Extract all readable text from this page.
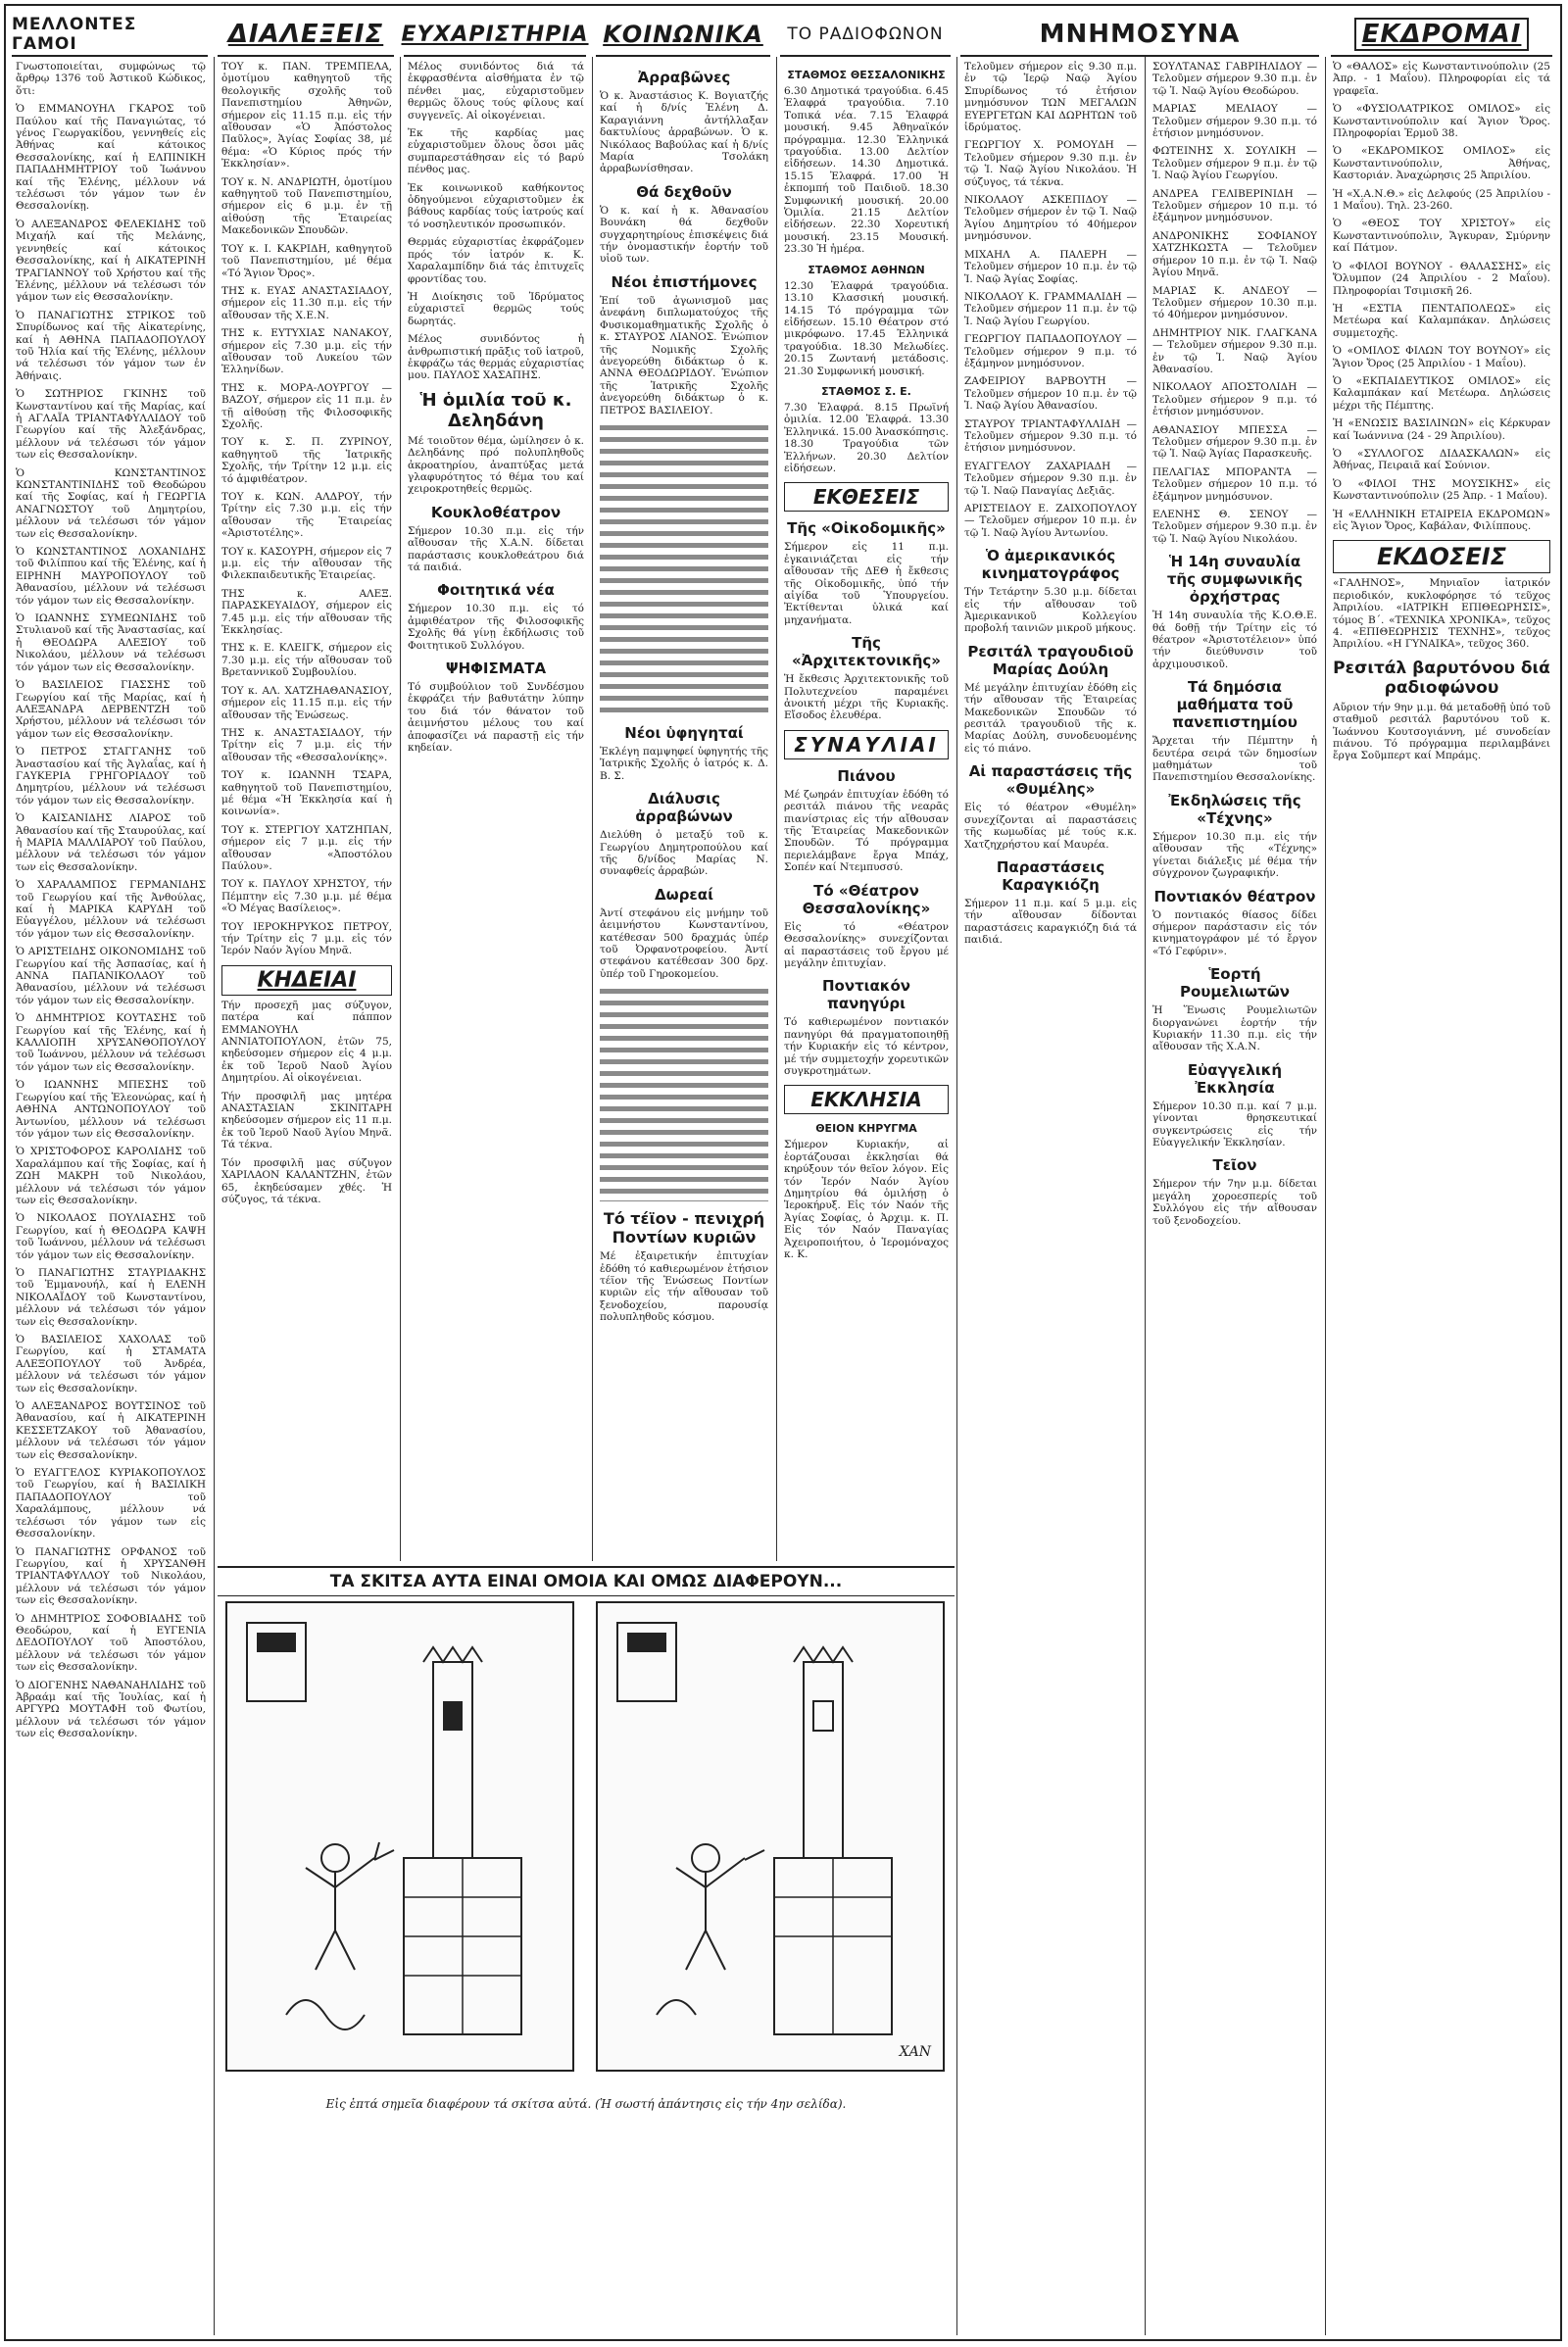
ΜΕΛΛΟΝΤΕΣ ΓΑΜΟΙ

Γνωστοποιείται, συμφώνως τῷ ἄρθρῳ 1376 τοῦ Ἀστικοῦ Κώδικος, ὅτι:

Ὁ ΕΜΜΑΝΟΥΗΛ ΓΚΑΡΟΣ τοῦ Παύλου καί τῆς Παναγιώτας, τό γένος Γεωργακίδου, γεννηθείς εἰς Ἀθήνας καί κάτοικος Θεσσαλονίκης, καί ἡ ΕΛΠΙΝΙΚΗ ΠΑΠΑΔΗΜΗΤΡΙΟΥ τοῦ Ἰωάννου καί τῆς Ἑλένης, μέλλουν νά τελέσωσι τόν γάμον των ἐν Θεσσαλονίκῃ.

Ὁ ΑΛΕΞΑΝΔΡΟΣ ΦΕΛΕΚΙΔΗΣ τοῦ Μιχαήλ καί τῆς Μελάνης, γεννηθείς καί κάτοικος Θεσσαλονίκης, καί ἡ ΑΙΚΑΤΕΡΙΝΗ ΤΡΑΓΙΑΝΝΟΥ τοῦ Χρήστου καί τῆς Ἑλένης, μέλλουν νά τελέσωσι τόν γάμον των εἰς Θεσσαλονίκην.

Ὁ ΠΑΝΑΓΙΩΤΗΣ ΣΤΡΙΚΟΣ τοῦ Σπυρίδωνος καί τῆς Αἰκατερίνης, καί ἡ ΑΘΗΝΑ ΠΑΠΑΔΟΠΟΥΛΟΥ τοῦ Ἠλία καί τῆς Ἑλένης, μέλλουν νά τελέσωσι τόν γάμον των ἐν Ἀθήναις.

Ὁ ΣΩΤΗΡΙΟΣ ΓΚΙΝΗΣ τοῦ Κωνσταντίνου καί τῆς Μαρίας, καί ἡ ΑΓΛΑΪΑ ΤΡΙΑΝΤΑΦΥΛΛΙΔΟΥ τοῦ Γεωργίου καί τῆς Ἀλεξάνδρας, μέλλουν νά τελέσωσι τόν γάμον των εἰς Θεσσαλονίκην.

Ὁ ΚΩΝΣΤΑΝΤΙΝΟΣ ΚΩΝΣΤΑΝΤΙΝΙΔΗΣ τοῦ Θεοδώρου καί τῆς Σοφίας, καί ἡ ΓΕΩΡΓΙΑ ΑΝΑΓΝΩΣΤΟΥ τοῦ Δημητρίου, μέλλουν νά τελέσωσι τόν γάμον των εἰς Θεσσαλονίκην.

Ὁ ΚΩΝΣΤΑΝΤΙΝΟΣ ΛΟΧΑΝΙΔΗΣ τοῦ Φιλίππου καί τῆς Ἑλένης, καί ἡ ΕΙΡΗΝΗ ΜΑΥΡΟΠΟΥΛΟΥ τοῦ Ἀθανασίου, μέλλουν νά τελέσωσι τόν γάμον των εἰς Θεσσαλονίκην.

Ὁ ΙΩΑΝΝΗΣ ΣΥΜΕΩΝΙΔΗΣ τοῦ Στυλιανοῦ καί τῆς Ἀναστασίας, καί ἡ ΘΕΟΔΩΡΑ ΑΛΕΞΙΟΥ τοῦ Νικολάου, μέλλουν νά τελέσωσι τόν γάμον των εἰς Θεσσαλονίκην.

Ὁ ΒΑΣΙΛΕΙΟΣ ΓΙΑΣΣΗΣ τοῦ Γεωργίου καί τῆς Μαρίας, καί ἡ ΑΛΕΞΑΝΔΡΑ ΔΕΡΒΕΝΤΖΗ τοῦ Χρήστου, μέλλουν νά τελέσωσι τόν γάμον των εἰς Θεσσαλονίκην.

Ὁ ΠΕΤΡΟΣ ΣΤΑΓΓΑΝΗΣ τοῦ Ἀναστασίου καί τῆς Ἀγλαΐας, καί ἡ ΓΑΥΚΕΡΙΑ ΓΡΗΓΟΡΙΑΔΟΥ τοῦ Δημητρίου, μέλλουν νά τελέσωσι τόν γάμον των εἰς Θεσσαλονίκην.

Ὁ ΚΑΙΣΑΝΙΔΗΣ ΛΙΑΡΟΣ τοῦ Ἀθανασίου καί τῆς Σταυρούλας, καί ἡ ΜΑΡΙΑ ΜΑΛΛΙΑΡΟΥ τοῦ Παύλου, μέλλουν νά τελέσωσι τόν γάμον των εἰς Θεσσαλονίκην.

Ὁ ΧΑΡΑΛΑΜΠΟΣ ΓΕΡΜΑΝΙΔΗΣ τοῦ Γεωργίου καί τῆς Ἀνθούλας, καί ἡ ΜΑΡΙΚΑ ΚΑΡΥΔΗ τοῦ Εὐαγγέλου, μέλλουν νά τελέσωσι τόν γάμον των εἰς Θεσσαλονίκην.

Ὁ ΑΡΙΣΤΕΙΔΗΣ ΟΙΚΟΝΟΜΙΔΗΣ τοῦ Γεωργίου καί τῆς Ἀσπασίας, καί ἡ ΑΝΝΑ ΠΑΠΑΝΙΚΟΛΑΟΥ τοῦ Ἀθανασίου, μέλλουν νά τελέσωσι τόν γάμον των εἰς Θεσσαλονίκην.

Ὁ ΔΗΜΗΤΡΙΟΣ ΚΟΥΤΑΣΗΣ τοῦ Γεωργίου καί τῆς Ἐλένης, καί ἡ ΚΑΛΛΙΟΠΗ ΧΡΥΣΑΝΘΟΠΟΥΛΟΥ τοῦ Ἰωάννου, μέλλουν νά τελέσωσι τόν γάμον των εἰς Θεσσαλονίκην.

Ὁ ΙΩΑΝΝΗΣ ΜΠΕΣΗΣ τοῦ Γεωργίου καί τῆς Ἐλεονώρας, καί ἡ ΑΘΗΝΑ ΑΝΤΩΝΟΠΟΥΛΟΥ τοῦ Ἀντωνίου, μέλλουν νά τελέσωσι τόν γάμον των εἰς Θεσσαλονίκην.

Ὁ ΧΡΙΣΤΟΦΟΡΟΣ ΚΑΡΟΛΙΔΗΣ τοῦ Χαραλάμπου καί τῆς Σοφίας, καί ἡ ΖΩΗ ΜΑΚΡΗ τοῦ Νικολάου, μέλλουν νά τελέσωσι τόν γάμον των εἰς Θεσσαλονίκην.

Ὁ ΝΙΚΟΛΑΟΣ ΠΟΥΛΙΑΣΗΣ τοῦ Γεωργίου, καί ἡ ΘΕΟΔΩΡΑ ΚΑΨΗ τοῦ Ἰωάννου, μέλλουν νά τελέσωσι τόν γάμον των εἰς Θεσσαλονίκην.

Ὁ ΠΑΝΑΓΙΩΤΗΣ ΣΤΑΥΡΙΔΑΚΗΣ τοῦ Ἐμμανουήλ, καί ἡ ΕΛΕΝΗ ΝΙΚΟΛΑΪΔΟΥ τοῦ Κωνσταντίνου, μέλλουν νά τελέσωσι τόν γάμον των εἰς Θεσσαλονίκην.

Ὁ ΒΑΣΙΛΕΙΟΣ ΧΑΧΟΛΑΣ τοῦ Γεωργίου, καί ἡ ΣΤΑΜΑΤΑ ΑΛΕΞΟΠΟΥΛΟΥ τοῦ Ἀνδρέα, μέλλουν νά τελέσωσι τόν γάμον των εἰς Θεσσαλονίκην.

Ὁ ΑΛΕΞΑΝΔΡΟΣ ΒΟΥΤΣΙΝΟΣ τοῦ Ἀθανασίου, καί ἡ ΑΙΚΑΤΕΡΙΝΗ ΚΕΣΣΕΤΖΑΚΟΥ τοῦ Ἀθανασίου, μέλλουν νά τελέσωσι τόν γάμον των εἰς Θεσσαλονίκην.

Ὁ ΕΥΑΓΓΕΛΟΣ ΚΥΡΙΑΚΟΠΟΥΛΟΣ τοῦ Γεωργίου, καί ἡ ΒΑΣΙΛΙΚΗ ΠΑΠΑΔΟΠΟΥΛΟΥ τοῦ Χαραλάμπους, μέλλουν νά τελέσωσι τόν γάμον των εἰς Θεσσαλονίκην.

Ὁ ΠΑΝΑΓΙΩΤΗΣ ΟΡΦΑΝΟΣ τοῦ Γεωργίου, καί ἡ ΧΡΥΣΑΝΘΗ ΤΡΙΑΝΤΑΦΥΛΛΟΥ τοῦ Νικολάου, μέλλουν νά τελέσωσι τόν γάμον των εἰς Θεσσαλονίκην.

Ὁ ΔΗΜΗΤΡΙΟΣ ΣΟΦΟΒΙΑΔΗΣ τοῦ Θεοδώρου, καί ἡ ΕΥΓΕΝΙΑ ΔΕΔΟΠΟΥΛΟΥ τοῦ Ἀποστόλου, μέλλουν νά τελέσωσι τόν γάμον των εἰς Θεσσαλονίκην.

Ὁ ΔΙΟΓΕΝΗΣ ΝΑΘΑΝΑΗΛΙΔΗΣ τοῦ Ἀβραάμ καί τῆς Ἰουλίας, καί ἡ ΑΡΓΥΡΩ ΜΟΥΤΑΦΗ τοῦ Φωτίου, μέλλουν νά τελέσωσι τόν γάμον των εἰς Θεσσαλονίκην.

ΔΙΑΛΕΞΕΙΣ

ΤΟΥ κ. ΠΑΝ. ΤΡΕΜΠΕΛΑ, ὁμοτίμου καθηγητοῦ τῆς θεολογικῆς σχολῆς τοῦ Πανεπιστημίου Ἀθηνῶν, σήμερον εἰς 11.15 π.μ. εἰς τήν αἴθουσαν «Ὁ Ἀπόστολος Παῦλος», Ἁγίας Σοφίας 38, μέ θέμα: «Ὁ Κύριος πρός τήν Ἐκκλησίαν».

ΤΟΥ κ. Ν. ΑΝΔΡΙΩΤΗ, ὁμοτίμου καθηγητοῦ τοῦ Πανεπιστημίου, σήμερον εἰς 6 μ.μ. ἐν τῇ αἰθούσῃ τῆς Ἑταιρείας Μακεδονικῶν Σπουδῶν.

ΤΟΥ κ. Ι. ΚΑΚΡΙΔΗ, καθηγητοῦ τοῦ Πανεπιστημίου, μέ θέμα «Τό Ἅγιον Ὄρος».

ΤΗΣ κ. ΕΥΑΣ ΑΝΑΣΤΑΣΙΑΔΟΥ, σήμερον εἰς 11.30 π.μ. εἰς τήν αἴθουσαν τῆς Χ.Ε.Ν.

ΤΗΣ κ. ΕΥΤΥΧΙΑΣ ΝΑΝΑΚΟΥ, σήμερον εἰς 7.30 μ.μ. εἰς τήν αἴθουσαν τοῦ Λυκείου τῶν Ἑλληνίδων.

ΤΗΣ κ. ΜΟΡΑ-ΛΟΥΡΓΟΥ — ΒΑΖΟΥ, σήμερον εἰς 11 π.μ. ἐν τῇ αἰθούσῃ τῆς Φιλοσοφικῆς Σχολῆς.

ΤΟΥ κ. Σ. Π. ΖΥΡΙΝΟΥ, καθηγητοῦ τῆς Ἰατρικῆς Σχολῆς, τήν Τρίτην 12 μ.μ. εἰς τό ἀμφιθέατρον.

ΤΟΥ κ. ΚΩΝ. ΑΛΔΡΟΥ, τήν Τρίτην εἰς 7.30 μ.μ. εἰς τήν αἴθουσαν τῆς Ἑταιρείας «Ἀριστοτέλης».

ΤΟΥ κ. ΚΑΣΟΥΡΗ, σήμερον εἰς 7 μ.μ. εἰς τήν αἴθουσαν τῆς Φιλεκπαιδευτικῆς Ἑταιρείας.

ΤΗΣ κ. ΑΛΕΞ. ΠΑΡΑΣΚΕΥΑΙΔΟΥ, σήμερον εἰς 7.45 μ.μ. εἰς τήν αἴθουσαν τῆς Ἐκκλησίας.

ΤΗΣ κ. Ε. ΚΛΕΙΓΚ, σήμερον εἰς 7.30 μ.μ. εἰς τήν αἴθουσαν τοῦ Βρεταννικοῦ Συμβουλίου.

ΤΟΥ κ. ΑΛ. ΧΑΤΖΗΑΘΑΝΑΣΙΟΥ, σήμερον εἰς 11.15 π.μ. εἰς τήν αἴθουσαν τῆς Ἑνώσεως.

ΤΗΣ κ. ΑΝΑΣΤΑΣΙΑΔΟΥ, τήν Τρίτην εἰς 7 μ.μ. εἰς τήν αἴθουσαν τῆς «Θεσσαλονίκης».

ΤΟΥ κ. ΙΩΑΝΝΗ ΤΣΑΡΑ, καθηγητοῦ τοῦ Πανεπιστημίου, μέ θέμα «Ἡ Ἐκκλησία καί ἡ κοινωνία».

ΤΟΥ κ. ΣΤΕΡΓΙΟΥ ΧΑΤΖΗΠΑΝ, σήμερον εἰς 7 μ.μ. εἰς τήν αἴθουσαν «Ἀποστόλου Παύλου».

ΤΟΥ κ. ΠΑΥΛΟΥ ΧΡΗΣΤΟΥ, τήν Πέμπτην εἰς 7.30 μ.μ. μέ θέμα «Ὁ Μέγας Βασίλειος».

ΤΟΥ ΙΕΡΟΚΗΡΥΚΟΣ ΠΕΤΡΟΥ, τήν Τρίτην εἰς 7 μ.μ. εἰς τόν Ἱερόν Ναόν Ἁγίου Μηνᾶ.

ΚΗΔΕΙΑΙ

Τήν προσεχῆ μας σύζυγον, πατέρα καί πάππον ΕΜΜΑΝΟΥΗΛ ΑΝΝΙΑΤΟΠΟΥΛΟΝ, ἐτῶν 75, κηδεύσομεν σήμερον εἰς 4 μ.μ. ἐκ τοῦ Ἱεροῦ Ναοῦ Ἁγίου Δημητρίου. Αἱ οἰκογένειαι.

Τήν προσφιλῆ μας μητέρα ΑΝΑΣΤΑΣΙΑΝ ΣΚΙΝΙΤΑΡΗ κηδεύσομεν σήμερον εἰς 11 π.μ. ἐκ τοῦ Ἱεροῦ Ναοῦ Ἁγίου Μηνᾶ. Τά τέκνα.

Τόν προσφιλῆ μας σύζυγον ΧΑΡΙΛΑΟΝ ΚΑΛΑΝΤΖΗΝ, ἐτῶν 65, ἐκηδεύσαμεν χθές. Ἡ σύζυγος, τά τέκνα.

ΕΥΧΑΡΙΣΤΗΡΙΑ

Μέλος συνιδόντος διά τά ἐκφρασθέντα αἰσθήματα ἐν τῷ πένθει μας, εὐχαριστοῦμεν θερμῶς ὅλους τούς φίλους καί συγγενεῖς. Αἱ οἰκογένειαι.

Ἐκ τῆς καρδίας μας εὐχαριστοῦμεν ὅλους ὅσοι μᾶς συμπαρεστάθησαν εἰς τό βαρύ πένθος μας.

Ἐκ κοινωνικοῦ καθήκοντος ὁδηγούμενοι εὐχαριστοῦμεν ἐκ βάθους καρδίας τούς ἰατρούς καί τό νοσηλευτικόν προσωπικόν.

Θερμάς εὐχαριστίας ἐκφράζομεν πρός τόν ἰατρόν κ. Κ. Χαραλαμπίδην διά τάς ἐπιτυχεῖς φροντίδας του.

Ἡ Διοίκησις τοῦ Ἰδρύματος εὐχαριστεῖ θερμῶς τούς δωρητάς.

Μέλος συνιδόντος ἡ ἀνθρωπιστική πρᾶξις τοῦ ἰατροῦ, ἐκφράζω τάς θερμάς εὐχαριστίας μου. ΠΑΥΛΟΣ ΧΑΣΑΠΗΣ.

Ἡ ὁμιλία τοῦ κ. Δεληδάνη

Μέ τοιοῦτον θέμα, ὡμίλησεν ὁ κ. Δεληδάνης πρό πολυπληθοῦς ἀκροατηρίου, ἀναπτύξας μετά γλαφυρότητος τό θέμα του καί χειροκροτηθείς θερμῶς.

Κουκλοθέατρον

Σήμερον 10.30 π.μ. εἰς τήν αἴθουσαν τῆς Χ.Α.Ν. δίδεται παράστασις κουκλοθεάτρου διά τά παιδιά.

Φοιτητικά νέα

Σήμερον 10.30 π.μ. εἰς τό ἀμφιθέατρον τῆς Φιλοσοφικῆς Σχολῆς θά γίνῃ ἐκδήλωσις τοῦ Φοιτητικοῦ Συλλόγου.

ΨΗΦΙΣΜΑΤΑ

Τό συμβούλιον τοῦ Συνδέσμου ἐκφράζει τήν βαθυτάτην λύπην του διά τόν θάνατον τοῦ ἀειμνήστου μέλους του καί ἀποφασίζει νά παραστῇ εἰς τήν κηδείαν.

ΚΟΙΝΩΝΙΚΑ
Ἀρραβῶνες

Ὁ κ. Ἀναστάσιος Κ. Βογιατζής καί ἡ δ/νίς Ἑλένη Δ. Καραγιάννη ἀντήλλαξαν δακτυλίους ἀρραβώνων. Ὁ κ. Νικόλαος Βαβούλας καί ἡ δ/νίς Μαρία Τσολάκη ἀρραβωνίσθησαν.

Θά δεχθοῦν

Ὁ κ. καί ἡ κ. Ἀθανασίου Βουνάκη θά δεχθοῦν συγχαρητηρίους ἐπισκέψεις διά τήν ὀνομαστικήν ἑορτήν τοῦ υἱοῦ των.

Νέοι ἐπιστήμονες

Ἐπί τοῦ ἀγωνισμοῦ μας ἀνεφάνη διπλωματούχος τῆς Φυσικομαθηματικῆς Σχολῆς ὁ κ. ΣΤΑΥΡΟΣ ΛΙΑΝΟΣ. Ἐνώπιον τῆς Νομικῆς Σχολῆς ἀνεγορεύθη διδάκτωρ ὁ κ. ΑΝΝΑ ΘΕΟΔΩΡΙΔΟΥ. Ἐνώπιον τῆς Ἰατρικῆς Σχολῆς ἀνεγορεύθη διδάκτωρ ὁ κ. ΠΕΤΡΟΣ ΒΑΣΙΛΕΙΟΥ.

Νέοι ὑφηγηταί

Ἐκλέγη παμψηφεί ὑφηγητής τῆς Ἰατρικῆς Σχολῆς ὁ ἰατρός κ. Δ. Β. Σ.

Διάλυσις ἀρραβώνων

Διελύθη ὁ μεταξύ τοῦ κ. Γεωργίου Δημητροπούλου καί τῆς δ/νίδος Μαρίας Ν. συναφθείς ἀρραβών.

Δωρεαί

Ἀντί στεφάνου εἰς μνήμην τοῦ ἀειμνήστου Κωνσταντίνου, κατέθεσαν 500 δραχμάς ὑπέρ τοῦ Ὀρφανοτροφείου. Ἀντί στεφάνου κατέθεσαν 300 δρχ. ὑπέρ τοῦ Γηροκομείου.

Τό τέϊον - πενιχρή Ποντίων κυριῶν

Μέ ἐξαιρετικήν ἐπιτυχίαν ἐδόθη τό καθιερωμένον ἐτήσιον τέϊον τῆς Ἑνώσεως Ποντίων κυριῶν εἰς τήν αἴθουσαν τοῦ ξενοδοχείου, παρουσίᾳ πολυπληθοῦς κόσμου.

ΤΟ ΡΑΔΙΟΦΩΝΟΝ
ΣΤΑΘΜΟΣ ΘΕΣΣΑΛΟΝΙΚΗΣ

6.30 Δημοτικά τραγούδια. 6.45 Ἐλαφρά τραγούδια. 7.10 Τοπικά νέα. 7.15 Ἐλαφρά μουσική. 9.45 Ἀθηναϊκόν πρόγραμμα. 12.30 Ἐλληνικά τραγούδια. 13.00 Δελτίον εἰδήσεων. 14.30 Δημοτικά. 15.15 Ἐλαφρά. 17.00 Ἡ ἐκπομπή τοῦ Παιδιοῦ. 18.30 Συμφωνική μουσική. 20.00 Ὁμιλία. 21.15 Δελτίον εἰδήσεων. 22.30 Χορευτική μουσική. 23.15 Μουσική. 23.30 Ἡ ἡμέρα.

ΣΤΑΘΜΟΣ ΑΘΗΝΩΝ

12.30 Ἐλαφρά τραγούδια. 13.10 Κλασσική μουσική. 14.15 Τό πρόγραμμα τῶν εἰδήσεων. 15.10 Θέατρον στό μικρόφωνο. 17.45 Ἐλληνικά τραγούδια. 18.30 Μελωδίες. 20.15 Ζωντανή μετάδοσις. 21.30 Συμφωνική μουσική.

ΣΤΑΘΜΟΣ Σ. Ε.

7.30 Ἐλαφρά. 8.15 Πρωϊνή ὁμιλία. 12.00 Ἐλαφρά. 13.30 Ἐλληνικά. 15.00 Ἀνασκόπησις. 18.30 Τραγούδια τῶν Ἑλλήνων. 20.30 Δελτίον εἰδήσεων.

ΕΚΘΕΣΕΙΣ
Τῆς «Οἰκοδομικῆς»

Σήμερον εἰς 11 π.μ. ἐγκαινιάζεται εἰς τήν αἴθουσαν τῆς ΔΕΘ ἡ ἔκθεσις τῆς Οἰκοδομικῆς, ὑπό τήν αἰγίδα τοῦ Ὑπουργείου. Ἐκτίθενται ὑλικά καί μηχανήματα.

Τῆς «Ἀρχιτεκτονικῆς»

Ἡ ἔκθεσις Ἀρχιτεκτονικῆς τοῦ Πολυτεχνείου παραμένει ἀνοικτή μέχρι τῆς Κυριακῆς. Εἴσοδος ἐλευθέρα.

ΣΥΝΑΥΛΙΑΙ
Πιάνου

Μέ ζωηράν ἐπιτυχίαν ἐδόθη τό ρεσιτάλ πιάνου τῆς νεαρᾶς πιανίστριας εἰς τήν αἴθουσαν τῆς Ἑταιρείας Μακεδονικῶν Σπουδῶν. Τό πρόγραμμα περιελάμβανε ἔργα Μπάχ, Σοπέν καί Ντεμπυσσύ.

Τό «Θέατρον Θεσσαλονίκης»

Εἰς τό «Θέατρον Θεσσαλονίκης» συνεχίζονται αἱ παραστάσεις τοῦ ἔργου μέ μεγάλην ἐπιτυχίαν.

Ποντιακόν πανηγύρι

Τό καθιερωμένον ποντιακόν πανηγύρι θά πραγματοποιηθῇ τήν Κυριακήν εἰς τό κέντρον, μέ τήν συμμετοχήν χορευτικῶν συγκροτημάτων.

ΕΚΚΛΗΣΙΑ
ΘΕΙΟΝ ΚΗΡΥΓΜΑ

Σήμερον Κυριακήν, αἱ ἑορτάζουσαι ἐκκλησίαι θά κηρύξουν τόν θεῖον λόγον. Εἰς τόν Ἱερόν Ναόν Ἁγίου Δημητρίου θά ὁμιλήσῃ ὁ Ἱεροκήρυξ. Εἰς τόν Ναόν τῆς Ἀγίας Σοφίας, ὁ Ἀρχιμ. κ. Π. Εἰς τόν Ναόν Παναγίας Ἀχειροποιήτου, ὁ Ἱερομόναχος κ. Κ.

ΜΝΗΜΟΣΥΝΑ

Τελοῦμεν σήμερον εἰς 9.30 π.μ. ἐν τῷ Ἱερῷ Ναῷ Ἁγίου Σπυρίδωνος τό ἐτήσιον μνημόσυνον ΤΩΝ ΜΕΓΑΛΩΝ ΕΥΕΡΓΕΤΩΝ ΚΑΙ ΔΩΡΗΤΩΝ τοῦ ἱδρύματος.

ΓΕΩΡΓΙΟΥ Χ. ΡΟΜΟΥΔΗ — Τελοῦμεν σήμερον 9.30 π.μ. ἐν τῷ Ἱ. Ναῷ Ἁγίου Νικολάου. Ἡ σύζυγος, τά τέκνα.

ΝΙΚΟΛΑΟΥ ΑΣΚΕΠΙΔΟΥ — Τελοῦμεν σήμερον ἐν τῷ Ἱ. Ναῷ Ἁγίου Δημητρίου τό 40ήμερον μνημόσυνον.

ΜΙΧΑΗΛ Α. ΠΑΛΕΡΗ — Τελοῦμεν σήμερον 10 π.μ. ἐν τῷ Ἱ. Ναῷ Ἁγίας Σοφίας.

ΝΙΚΟΛΑΟΥ Κ. ΓΡΑΜΜΑΛΙΔΗ — Τελοῦμεν σήμερον 11 π.μ. ἐν τῷ Ἱ. Ναῷ Ἁγίου Γεωργίου.

ΓΕΩΡΓΙΟΥ ΠΑΠΑΔΟΠΟΥΛΟΥ — Τελοῦμεν σήμερον 9 π.μ. τό ἐξάμηνον μνημόσυνον.

ΖΑΦΕΙΡΙΟΥ ΒΑΡΒΟΥΤΗ — Τελοῦμεν σήμερον 10 π.μ. ἐν τῷ Ἱ. Ναῷ Ἁγίου Ἀθανασίου.

ΣΤΑΥΡΟΥ ΤΡΙΑΝΤΑΦΥΛΛΙΔΗ — Τελοῦμεν σήμερον 9.30 π.μ. τό ἐτήσιον μνημόσυνον.

ΕΥΑΓΓΕΛΟΥ ΖΑΧΑΡΙΑΔΗ — Τελοῦμεν σήμερον 9.30 π.μ. ἐν τῷ Ἱ. Ναῷ Παναγίας Δεξιᾶς.

ΑΡΙΣΤΕΙΔΟΥ Ε. ΖΑΙΧΟΠΟΥΛΟΥ — Τελοῦμεν σήμερον 10 π.μ. ἐν τῷ Ἱ. Ναῷ Ἁγίου Ἀντωνίου.

Ὁ ἀμερικανικός κινηματογράφος

Τήν Τετάρτην 5.30 μ.μ. δίδεται εἰς τήν αἴθουσαν τοῦ Ἀμερικανικοῦ Κολλεγίου προβολή ταινιῶν μικροῦ μήκους.

Ρεσιτάλ τραγουδιοῦ Μαρίας Δούλη

Μέ μεγάλην ἐπιτυχίαν ἐδόθη εἰς τήν αἴθουσαν τῆς Ἑταιρείας Μακεδονικῶν Σπουδῶν τό ρεσιτάλ τραγουδιοῦ τῆς κ. Μαρίας Δούλη, συνοδευομένης εἰς τό πιάνο.

Αἱ παραστάσεις τῆς «Θυμέλης»

Εἰς τό θέατρον «Θυμέλη» συνεχίζονται αἱ παραστάσεις τῆς κωμωδίας μέ τούς κ.κ. Χατζηχρήστου καί Μαυρέα.

Παραστάσεις Καραγκιόζη

Σήμερον 11 π.μ. καί 5 μ.μ. εἰς τήν αἴθουσαν δίδονται παραστάσεις καραγκιόζη διά τά παιδιά.

ΣΟΥΛΤΑΝΑΣ ΓΑΒΡΙΗΛΙΔΟΥ — Τελοῦμεν σήμερον 9.30 π.μ. ἐν τῷ Ἱ. Ναῷ Ἁγίου Θεοδώρου.

ΜΑΡΙΑΣ ΜΕΛΙΑΟΥ — Τελοῦμεν σήμερον 9.30 π.μ. τό ἐτήσιον μνημόσυνον.

ΦΩΤΕΙΝΗΣ Χ. ΣΟΥΛΙΚΗ — Τελοῦμεν σήμερον 9 π.μ. ἐν τῷ Ἱ. Ναῷ Ἁγίου Γεωργίου.

ΑΝΔΡΕΑ ΓΕΛΙΒΕΡΙΝΙΔΗ — Τελοῦμεν σήμερον 10 π.μ. τό ἐξάμηνον μνημόσυνον.

ΑΝΔΡΟΝΙΚΗΣ ΣΟΦΙΑΝΟΥ ΧΑΤΖΗΚΩΣΤΑ — Τελοῦμεν σήμερον 10 π.μ. ἐν τῷ Ἱ. Ναῷ Ἁγίου Μηνᾶ.

ΜΑΡΙΑΣ Κ. ΑΝΔΕΟΥ — Τελοῦμεν σήμερον 10.30 π.μ. τό 40ήμερον μνημόσυνον.

ΔΗΜΗΤΡΙΟΥ ΝΙΚ. ΓΛΑΓΚΑΝΑ — Τελοῦμεν σήμερον 9.30 π.μ. ἐν τῷ Ἱ. Ναῷ Ἁγίου Ἀθανασίου.

ΝΙΚΟΛΑΟΥ ΑΠΟΣΤΟΛΙΔΗ — Τελοῦμεν σήμερον 9 π.μ. τό ἐτήσιον μνημόσυνον.

ΑΘΑΝΑΣΙΟΥ ΜΠΕΣΣΑ — Τελοῦμεν σήμερον 9.30 π.μ. ἐν τῷ Ἱ. Ναῷ Ἁγίας Παρασκευῆς.

ΠΕΛΑΓΙΑΣ ΜΠΟΡΑΝΤΑ — Τελοῦμεν σήμερον 10 π.μ. τό ἐξάμηνον μνημόσυνον.

ΕΛΕΝΗΣ Θ. ΣΕΝΟΥ — Τελοῦμεν σήμερον 9.30 π.μ. ἐν τῷ Ἱ. Ναῷ Ἁγίου Νικολάου.

Ἡ 14η συναυλία τῆς συμφωνικῆς ὀρχήστρας

Ἡ 14η συναυλία τῆς Κ.Ο.Θ.Ε. θά δοθῇ τήν Τρίτην εἰς τό θέατρον «Ἀριστοτέλειον» ὑπό τήν διεύθυνσιν τοῦ ἀρχιμουσικοῦ.

Τά δημόσια μαθήματα τοῦ πανεπιστημίου

Ἄρχεται τήν Πέμπτην ἡ δευτέρα σειρά τῶν δημοσίων μαθημάτων τοῦ Πανεπιστημίου Θεσσαλονίκης.

Ἐκδηλώσεις τῆς «Τέχνης»

Σήμερον 10.30 π.μ. εἰς τήν αἴθουσαν τῆς «Τέχνης» γίνεται διάλεξις μέ θέμα τήν σύγχρονον ζωγραφικήν.

Ποντιακόν θέατρον

Ὁ ποντιακός θίασος δίδει σήμερον παράστασιν εἰς τόν κινηματογράφον μέ τό ἔργον «Τό Γεφύριν».

Ἑορτή Ρουμελιωτῶν

Ἡ Ἕνωσις Ρουμελιωτῶν διοργανώνει ἑορτήν τήν Κυριακήν 11.30 π.μ. εἰς τήν αἴθουσαν τῆς Χ.Α.Ν.

Εὐαγγελική Ἐκκλησία

Σήμερον 10.30 π.μ. καί 7 μ.μ. γίνονται θρησκευτικαί συγκεντρώσεις εἰς τήν Εὐαγγελικήν Ἐκκλησίαν.

Τεῖον

Σήμερον τήν 7ην μ.μ. δίδεται μεγάλη χοροεσπερίς τοῦ Συλλόγου εἰς τήν αἴθουσαν τοῦ ξενοδοχείου.

ΕΚΔΡΟΜΑΙ

Ὁ «ΘΑΛΟΣ» εἰς Κωνσταντινούπολιν (25 Ἀπρ. - 1 Μαΐου). Πληροφορίαι εἰς τά γραφεῖα.

Ὁ «ΦΥΣΙΟΛΑΤΡΙΚΟΣ ΟΜΙΛΟΣ» εἰς Κωνσταντινούπολιν καί Ἅγιον Ὄρος. Πληροφορίαι Ἐρμοῦ 38.

Ὁ «ΕΚΔΡΟΜΙΚΟΣ ΟΜΙΛΟΣ» εἰς Κωνσταντινούπολιν, Ἀθήνας, Καστοριάν. Ἀναχώρησις 25 Ἀπριλίου.

Ἡ «Χ.Α.Ν.Θ.» εἰς Δελφούς (25 Ἀπριλίου - 1 Μαΐου). Τηλ. 23-260.

Ὁ «ΘΕΟΣ ΤΟΥ ΧΡΙΣΤΟΥ» εἰς Κωνσταντινούπολιν, Ἄγκυραν, Σμύρνην καί Πάτμον.

Ὁ «ΦΙΛΟΙ ΒΟΥΝΟΥ - ΘΑΛΑΣΣΗΣ» εἰς Ὄλυμπον (24 Ἀπριλίου - 2 Μαΐου). Πληροφορίαι Τσιμισκῆ 26.

Ἡ «ΕΣΤΙΑ ΠΕΝΤΑΠΟΛΕΩΣ» εἰς Μετέωρα καί Καλαμπάκαν. Δηλώσεις συμμετοχῆς.

Ὁ «ΟΜΙΛΟΣ ΦΙΛΩΝ ΤΟΥ ΒΟΥΝΟΥ» εἰς Ἅγιον Ὄρος (25 Ἀπριλίου - 1 Μαΐου).

Ὁ «ΕΚΠΑΙΔΕΥΤΙΚΟΣ ΟΜΙΛΟΣ» εἰς Καλαμπάκαν καί Μετέωρα. Δηλώσεις μέχρι τῆς Πέμπτης.

Ἡ «ΕΝΩΣΙΣ ΒΑΣΙΛΙΝΩΝ» εἰς Κέρκυραν καί Ἰωάννινα (24 - 29 Ἀπριλίου).

Ὁ «ΣΥΛΛΟΓΟΣ ΔΙΔΑΣΚΑΛΩΝ» εἰς Ἀθήνας, Πειραιᾶ καί Σούνιον.

Ὁ «ΦΙΛΟΙ ΤΗΣ ΜΟΥΣΙΚΗΣ» εἰς Κωνσταντινούπολιν (25 Ἀπρ. - 1 Μαΐου).

Ἡ «ΕΛΛΗΝΙΚΗ ΕΤΑΙΡΕΙΑ ΕΚΔΡΟΜΩΝ» εἰς Ἅγιον Ὄρος, Καβάλαν, Φιλίππους.

ΕΚΔΟΣΕΙΣ

«ΓΑΛΗΝΟΣ», Μηνιαῖον ἰατρικόν περιοδικόν, κυκλοφόρησε τό τεῦχος Ἀπριλίου. «ΙΑΤΡΙΚΗ ΕΠΙΘΕΩΡΗΣΙΣ», τόμος Β΄. «ΤΕΧΝΙΚΑ ΧΡΟΝΙΚΑ», τεῦχος 4. «ΕΠΙΘΕΩΡΗΣΙΣ ΤΕΧΝΗΣ», τεῦχος Ἀπριλίου. «Η ΓΥΝΑΙΚΑ», τεῦχος 360.

Ρεσιτάλ βαρυτόνου διά ραδιοφώνου

Αὔριον τήν 9ην μ.μ. θά μεταδοθῇ ὑπό τοῦ σταθμοῦ ρεσιτάλ βαρυτόνου τοῦ κ. Ἰωάννου Κουτσογιάννη, μέ συνοδείαν πιάνου. Τό πρόγραμμα περιλαμβάνει ἔργα Σοῦμπερτ καί Μπράμς.

ΤΑ ΣΚΙΤΣΑ ΑΥΤΑ ΕΙΝΑΙ ΟΜΟΙΑ ΚΑΙ ΟΜΩΣ ΔΙΑΦΕΡΟΥΝ...
ΧΑΝ
Εἰς ἑπτά σημεῖα διαφέρουν τά σκίτσα αὐτά. (Ἡ σωστή ἀπάντησις εἰς τήν 4ην σελίδα).
